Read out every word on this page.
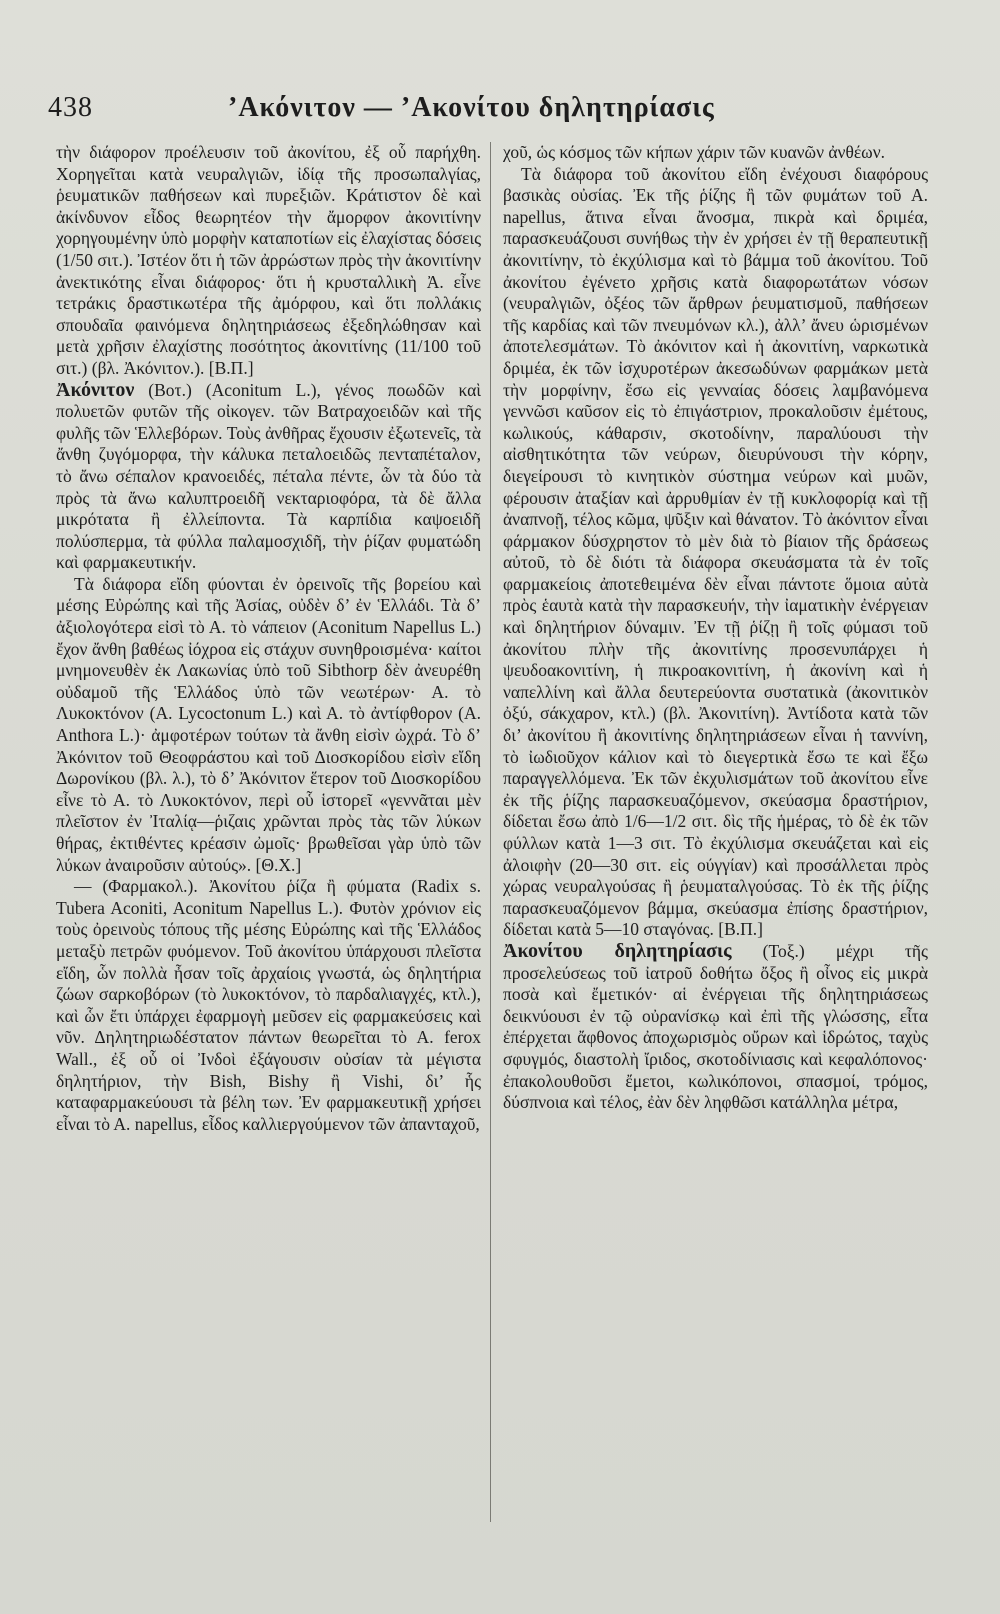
438	’Ακόνιτον — ’Ακονίτου δηλητηρίασις

τὴν διάφορον προέλευσιν τοῦ ἀκονίτου, ἐξ οὗ παρήχθη. Χορηγεῖται κατὰ νευραλγιῶν, ἰδίᾳ τῆς προσωπαλγίας, ῥευματικῶν παθήσεων καὶ πυρεξιῶν. Κράτιστον δὲ καὶ ἀκίνδυνον εἶδος θεωρητέον τὴν ἄμορφον ἀκονιτίνην χορηγουμένην ὑπὸ μορφὴν καταποτίων εἰς ἐλαχίστας δόσεις (1/50 σιτ.). Ἰστέον ὅτι ἡ τῶν ἀρρώστων πρὸς τὴν ἀκονιτίνην ἀνεκτικότης εἶναι διάφορος· ὅτι ἡ κρυσταλλικὴ Ἀ. εἶνε τετράκις δραστικωτέρα τῆς ἀμόρφου, καὶ ὅτι πολλάκις σπουδαῖα φαινόμενα δηλητηριάσεως ἐξεδηλώθησαν καὶ μετὰ χρῆσιν ἐλαχίστης ποσότητος ἀκονιτίνης (11/100 τοῦ σιτ.) (βλ. Ἀκόνιτον.). [Β.Π.]

Ἀκόνιτον (Βοτ.) (Aconitum L.), γένος ποωδῶν καὶ πολυετῶν φυτῶν τῆς οἰκογεν. τῶν Βατραχοειδῶν καὶ τῆς φυλῆς τῶν Ἑλλεβόρων. Τοὺς ἀνθῆρας ἔχουσιν ἐξωτενεῖς, τὰ ἄνθη ζυγόμορφα, τὴν κάλυκα πεταλοειδῶς πενταπέταλον, τὸ ἄνω σέπαλον κρανοειδές, πέταλα πέντε, ὧν τὰ δύο τὰ πρὸς τὰ ἄνω καλυπτροειδῆ νεκταριοφόρα, τὰ δὲ ἄλλα μικρότατα ἢ ἐλλείποντα. Τὰ καρπίδια καψοειδῆ πολύσπερμα, τὰ φύλλα παλαμοσχιδῆ, τὴν ῥίζαν φυματώδη καὶ φαρμακευτικήν.

Τὰ διάφορα εἴδη φύονται ἐν ὀρεινοῖς τῆς βορείου καὶ μέσης Εὐρώπης καὶ τῆς Ἀσίας, οὐδὲν δ’ ἐν Ἑλλάδι. Τὰ δ’ ἀξιολογότερα εἰσὶ τὸ Α. τὸ νάπειον (Aconitum Napellus L.) ἔχον ἄνθη βαθέως ἰόχροα εἰς στάχυν συνηθροισμένα· καίτοι μνημονευθὲν ἐκ Λακωνίας ὑπὸ τοῦ Sibthorp δὲν ἀνευρέθη οὐδαμοῦ τῆς Ἑλλάδος ὑπὸ τῶν νεωτέρων· Α. τὸ Λυκοκτόνον (Α. Lycoctonum L.) καὶ Α. τὸ ἀντίφθορον (Α. Anthora L.)· ἀμφοτέρων τούτων τὰ ἄνθη εἰσὶν ὠχρά. Τὸ δ’ Ἀκόνιτον τοῦ Θεοφράστου καὶ τοῦ Διοσκορίδου εἰσὶν εἴδη Δωρονίκου (βλ. λ.), τὸ δ’ Ἀκόνιτον ἕτερον τοῦ Διοσκορίδου εἶνε τὸ Α. τὸ Λυκοκτόνον, περὶ οὗ ἱστορεῖ «γεννᾶται μὲν πλεῖστον ἐν Ἰταλίᾳ—ῥιζαις χρῶνται πρὸς τὰς τῶν λύκων θήρας, ἐκτιθέντες κρέασιν ὠμοῖς· βρωθεῖσαι γὰρ ὑπὸ τῶν λύκων ἀναιροῦσιν αὐτούς». [Θ.Χ.]

— (Φαρμακολ.). Ἀκονίτου ῥίζα ἢ φύματα (Radix s. Tubera Aconiti, Aconitum Napellus L.). Φυτὸν χρόνιον εἰς τοὺς ὀρεινοὺς τόπους τῆς μέσης Εὐρώπης καὶ τῆς Ἑλλάδος μεταξὺ πετρῶν φυόμενον. Τοῦ ἀκονίτου ὑπάρχουσι πλεῖστα εἴδη, ὧν πολλὰ ἦσαν τοῖς ἀρχαίοις γνωστά, ὡς δηλητήρια ζώων σαρκοβόρων (τὸ λυκοκτόνον, τὸ παρδαλιαγχές, κτλ.), καὶ ὧν ἔτι ὑπάρχει ἐφαρμογὴ μεῦσεν εἰς φαρμακεύσεις καὶ νῦν. Δηλητηριωδέστατον πάντων θεωρεῖται τὸ Α. ferox Wall., ἐξ οὗ οἱ Ἰνδοὶ ἐξάγουσιν οὐσίαν τὰ μέγιστα δηλητήριον, τὴν Bish, Bishy ἢ Vishi, δι’ ἧς καταφαρμακεύουσι τὰ βέλη των. Ἐν φαρμακευτικῇ χρήσει εἶναι τὸ Α. napellus, εἶδος καλλιεργούμενον τῶν ἀπανταχοῦ,

χοῦ, ὡς κόσμος τῶν κήπων χάριν τῶν κυανῶν ἀνθέων.

Τὰ διάφορα τοῦ ἀκονίτου εἴδη ἐνέχουσι διαφόρους βασικὰς οὐσίας. Ἐκ τῆς ῥίζης ἢ τῶν φυμάτων τοῦ Α. napellus, ἅτινα εἶναι ἄνοσμα, πικρὰ καὶ δριμέα, παρασκευάζουσι συνήθως τὴν ἐν χρήσει ἐν τῇ θεραπευτικῇ ἀκονιτίνην, τὸ ἐκχύλισμα καὶ τὸ βάμμα τοῦ ἀκονίτου. Τοῦ ἀκονίτου ἐγένετο χρῆσις κατὰ διαφορωτάτων νόσων (νευραλγιῶν, ὀξέος τῶν ἄρθρων ῥευματισμοῦ, παθήσεων τῆς καρδίας καὶ τῶν πνευμόνων κλ.), ἀλλ’ ἄνευ ὡρισμένων ἀποτελεσμάτων. Τὸ ἀκόνιτον καὶ ἡ ἀκονιτίνη, ναρκωτικὰ δριμέα, ἐκ τῶν ἰσχυροτέρων ἀκεσωδύνων φαρμάκων μετὰ τὴν μορφίνην, ἔσω εἰς γενναίας δόσεις λαμβανόμενα γεννῶσι καῦσον εἰς τὸ ἐπιγάστριον, προκαλοῦσιν ἐμέτους, κωλικούς, κάθαρσιν, σκοτοδίνην, παραλύουσι τὴν αἰσθητικότητα τῶν νεύρων, διευρύνουσι τὴν κόρην, διεγείρουσι τὸ κινητικὸν σύστημα νεύρων καὶ μυῶν, φέρουσιν ἀταξίαν καὶ ἀρρυθμίαν ἐν τῇ κυκλοφορίᾳ καὶ τῇ ἀναπνοῇ, τέλος κῶμα, ψῦξιν καὶ θάνατον. Τὸ ἀκόνιτον εἶναι φάρμακον δύσχρηστον τὸ μὲν διὰ τὸ βίαιον τῆς δράσεως αὐτοῦ, τὸ δὲ διότι τὰ διάφορα σκευάσματα τὰ ἐν τοῖς φαρμακείοις ἀποτεθειμένα δὲν εἶναι πάντοτε ὅμοια αὐτὰ πρὸς ἑαυτὰ κατὰ τὴν παρασκευήν, τὴν ἰαματικὴν ἐνέργειαν καὶ δηλητήριον δύναμιν. Ἐν τῇ ῥίζῃ ἢ τοῖς φύμασι τοῦ ἀκονίτου πλὴν τῆς ἀκονιτίνης προσενυπάρχει ἡ ψευδοακονιτίνη, ἡ πικροακονιτίνη, ἡ ἀκονίνη καὶ ἡ ναπελλίνη καὶ ἄλλα δευτερεύοντα συστατικὰ (ἀκονιτικὸν ὀξύ, σάκχαρον, κτλ.) (βλ. Ἀκονιτίνη). Ἀντίδοτα κατὰ τῶν δι’ ἀκονίτου ἢ ἀκονιτίνης δηλητηριάσεων εἶναι ἡ ταννίνη, τὸ ἰωδιοῦχον κάλιον καὶ τὸ διεγερτικὰ ἔσω τε καὶ ἔξω παραγγελλόμενα. Ἐκ τῶν ἐκχυλισμάτων τοῦ ἀκονίτου εἶνε ἐκ τῆς ῥίζης παρασκευαζόμενον, σκεύασμα δραστήριον, δίδεται ἔσω ἀπὸ 1/6—1/2 σιτ. δὶς τῆς ἡμέρας, τὸ δὲ ἐκ τῶν φύλλων κατὰ 1—3 σιτ. Τὸ ἐκχύλισμα σκευάζεται καὶ εἰς ἀλοιφὴν (20—30 σιτ. εἰς ούγγίαν) καὶ προσάλλεται πρὸς χώρας νευραλγούσας ἢ ῥευματαλγούσας. Τὸ ἐκ τῆς ῥίζης παρασκευαζόμενον βάμμα, σκεύασμα ἐπίσης δραστήριον, δίδεται κατὰ 5—10 σταγόνας. [Β.Π.]

Ἀκονίτου δηλητηρίασις (Τοξ.) μέχρι τῆς προσελεύσεως τοῦ ἰατροῦ δοθήτω ὄξος ἢ οἶνος εἰς μικρὰ ποσὰ καὶ ἔμετικόν· αἱ ἐνέργειαι τῆς δηλητηριάσεως δεικνύουσι ἐν τῷ οὐρανίσκῳ καὶ ἐπὶ τῆς γλώσσης, εἶτα ἐπέρχεται ἄφθονος ἀποχωρισμὸς οὔρων καὶ ἱδρώτος, ταχὺς σφυγμός, διαστολὴ ἴριδος, σκοτοδίνιασις καὶ κεφαλόπονος· ἐπακολουθοῦσι ἔμετοι, κωλικόπονοι, σπασμοί, τρόμος, δύσπνοια καὶ τέλος, ἐὰν δὲν ληφθῶσι κατάλληλα μέτρα,
